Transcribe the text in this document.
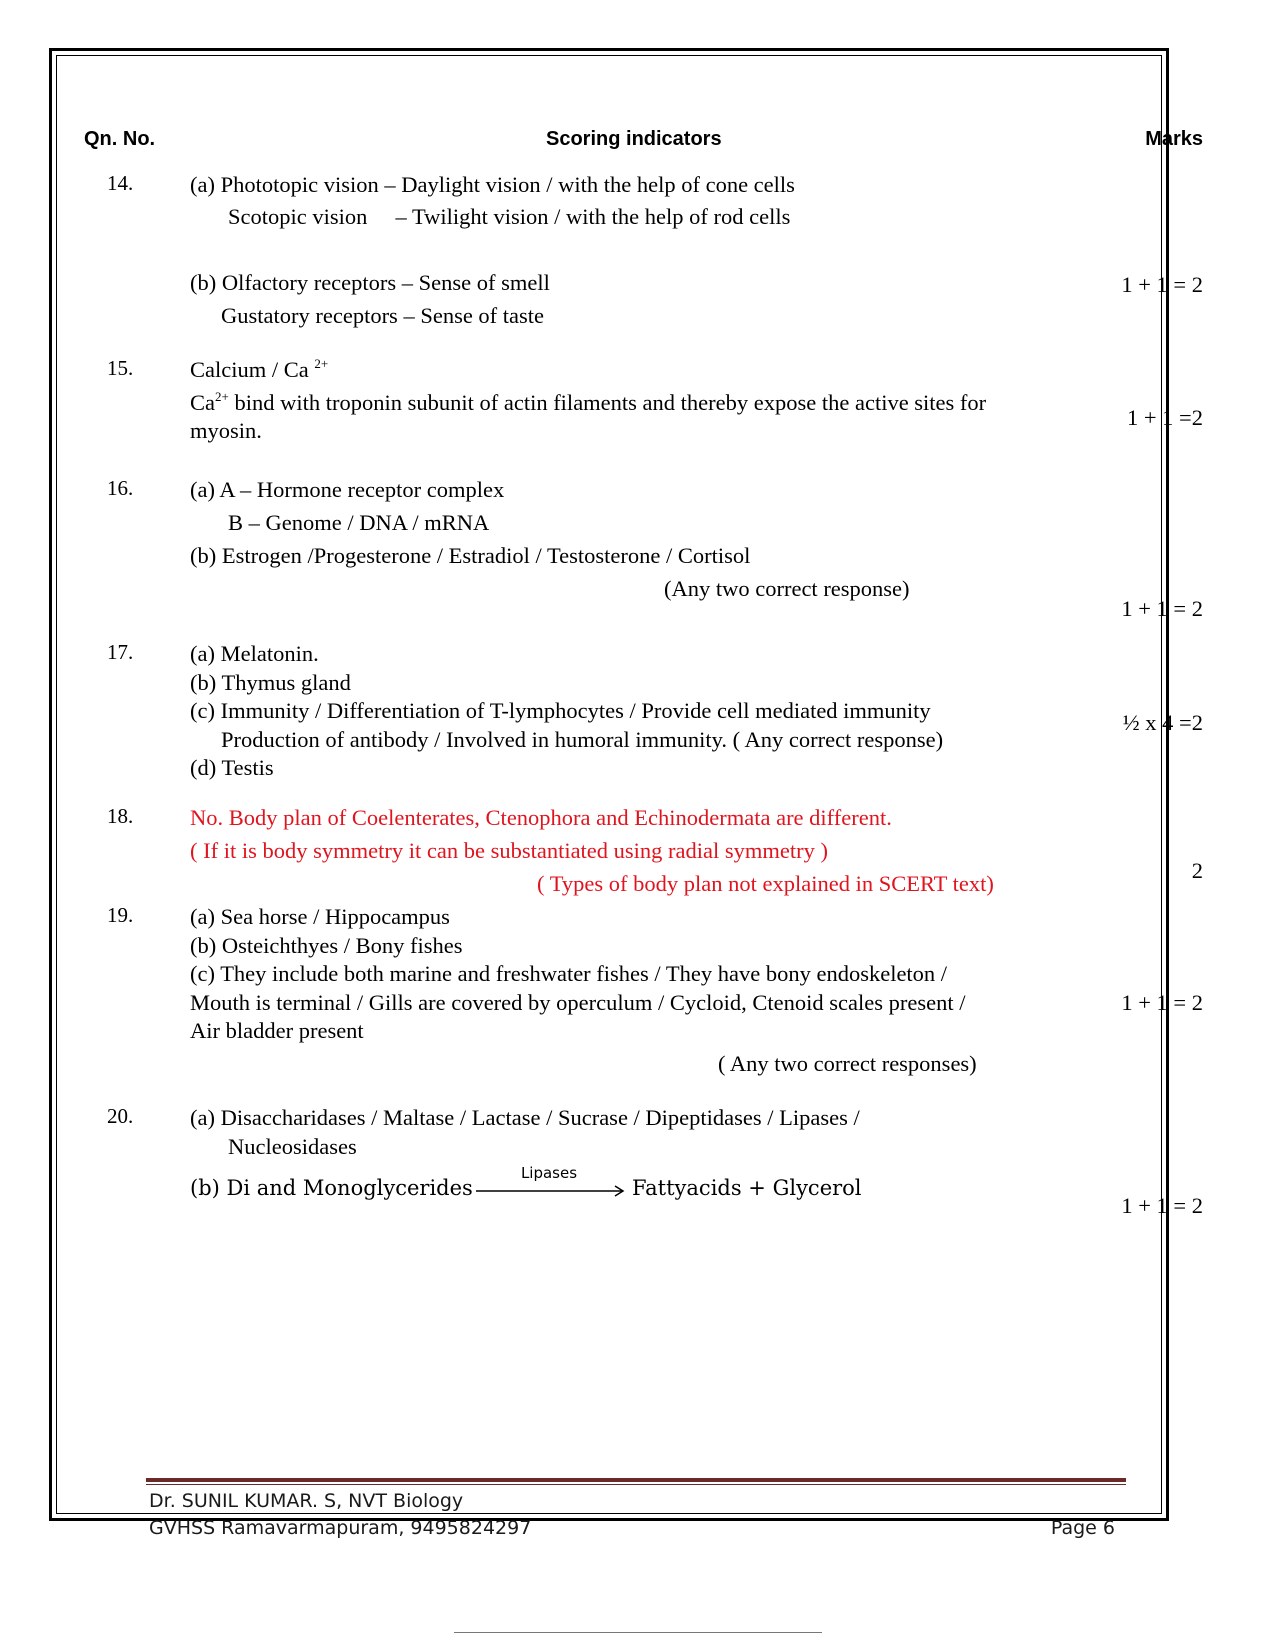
Qn. No.	Scoring indicators	Marks
14.	(a) Phototopic vision – Daylight vision / with the help of cone cells
Scotopic vision     – Twilight vision / with the help of rod cells
(b) Olfactory receptors – Sense of smell
Gustatory receptors – Sense of taste
1 + 1 = 2
15.	Calcium / Ca $^{2+}$
$Ca^{2+}$ bind with troponin subunit of actin filaments and thereby expose the active sites for
myosin.
1 + 1 =2
16.	(a) A – Hormone receptor complex
B – Genome / DNA / mRNA
(b) Estrogen /Progesterone / Estradiol / Testosterone / Cortisol
(Any two correct response)
1 + 1 = 2
17.	(a) Melatonin.
(b) Thymus gland
(c) Immunity / Differentiation of T-lymphocytes / Provide cell mediated immunity
Production of antibody / Involved in humoral immunity. ( Any correct response)
(d) Testis
½ x 4 =2
18.	No. Body plan of Coelenterates, Ctenophora and Echinodermata are different.
( If it is body symmetry it can be substantiated using radial symmetry )
( Types of body plan not explained in SCERT text)
2
19.	(a) Sea horse / Hippocampus
(b) Osteichthyes / Bony fishes
(c) They include both marine and freshwater fishes / They have bony endoskeleton /
Mouth is terminal / Gills are covered by operculum / Cycloid, Ctenoid scales present /
Air bladder present
( Any two correct responses)
1 + 1 = 2
20.	(a) Disaccharidases / Maltase / Lactase / Sucrase / Dipeptidases / Lipases /
Nucleosidases
(b) Di and Monoglycerides
Lipases
Fattyacids + Glycerol
1 + 1 = 2
Dr. SUNIL KUMAR. S, NVT Biology
GVHSS Ramavarmapuram, 9495824297	Page 6
